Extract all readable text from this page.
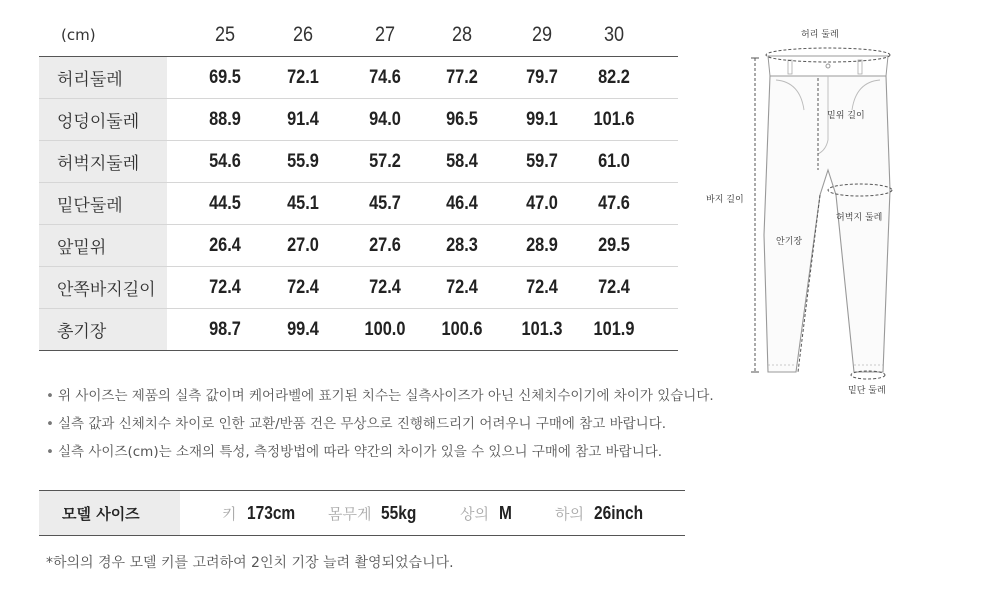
(cm)	25	26	27	28	29	30
허리둘레	69.5	72.1	74.6	77.2	79.7	82.2
엉덩이둘레	88.9	91.4	94.0	96.5	99.1	101.6
허벅지둘레	54.6	55.9	57.2	58.4	59.7	61.0
밑단둘레	44.5	45.1	45.7	46.4	47.0	47.6
앞밑위	26.4	27.0	27.6	28.3	28.9	29.5
안쪽바지길이	72.4	72.4	72.4	72.4	72.4	72.4
총기장	98.7	99.4	100.0	100.6	101.3	101.9
허리 둘레
밑위 길이
바지 길이
허벅지 둘레
안기장
밑단 둘레
• 위 사이즈는 제품의 실측 값이며 케어라벨에 표기된 치수는 실측사이즈가 아닌 신체치수이기에 차이가 있습니다.
• 실측 값과 신체치수 차이로 인한 교환/반품 건은 무상으로 진행해드리기 어려우니 구매에 참고 바랍니다.
• 실측 사이즈(cm)는 소재의 특성, 측정방법에 따라 약간의 차이가 있을 수 있으니 구매에 참고 바랍니다.
모델 사이즈	키 173cm 몸무게 55kg	상의 M	하의 26inch
*하의의 경우 모델 키를 고려하여 2인치 기장 늘려 촬영되었습니다.
